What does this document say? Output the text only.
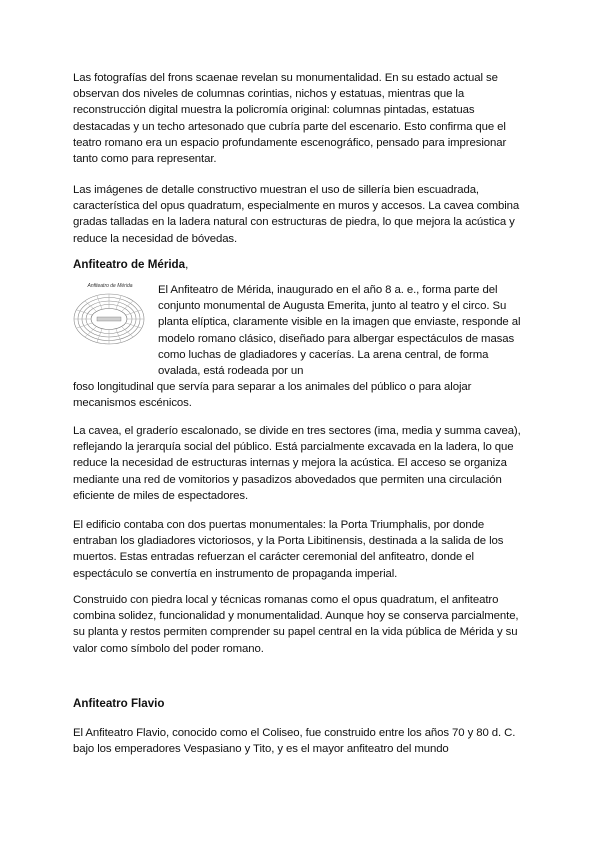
Las fotografías del frons scaenae revelan su monumentalidad. En su estado actual se observan dos niveles de columnas corintias, nichos y estatuas, mientras que la reconstrucción digital muestra la policromía original: columnas pintadas, estatuas destacadas y un techo artesonado que cubría parte del escenario. Esto confirma que el teatro romano era un espacio profundamente escenográfico, pensado para impresionar tanto como para representar.

Las imágenes de detalle constructivo muestran el uso de sillería bien escuadrada, característica del opus quadratum, especialmente en muros y accesos. La cavea combina gradas talladas en la ladera natural con estructuras de piedra, lo que mejora la acústica y reduce la necesidad de bóvedas.

Anfiteatro de Mérida,
Anfiteatro de Mérida	El Anfiteatro de Mérida, inaugurado en el año 8 a. e., forma parte del conjunto monumental de Augusta Emerita, junto al teatro y el circo. Su planta elíptica, claramente visible en la imagen que enviaste, responde al modelo romano clásico, diseñado para albergar espectáculos de masas como luchas de gladiadores y cacerías. La arena central, de forma ovalada, está rodeada por un

foso longitudinal que servía para separar a los animales del público o para alojar mecanismos escénicos.

La cavea, el graderío escalonado, se divide en tres sectores (ima, media y summa cavea), reflejando la jerarquía social del público. Está parcialmente excavada en la ladera, lo que reduce la necesidad de estructuras internas y mejora la acústica. El acceso se organiza mediante una red de vomitorios y pasadizos abovedados que permiten una circulación eficiente de miles de espectadores.

El edificio contaba con dos puertas monumentales: la Porta Triumphalis, por donde entraban los gladiadores victoriosos, y la Porta Libitinensis, destinada a la salida de los muertos. Estas entradas refuerzan el carácter ceremonial del anfiteatro, donde el espectáculo se convertía en instrumento de propaganda imperial.

Construido con piedra local y técnicas romanas como el opus quadratum, el anfiteatro combina solidez, funcionalidad y monumentalidad. Aunque hoy se conserva parcialmente, su planta y restos permiten comprender su papel central en la vida pública de Mérida y su valor como símbolo del poder romano.

Anfiteatro Flavio

El Anfiteatro Flavio, conocido como el Coliseo, fue construido entre los años 70 y 80 d. C. bajo los emperadores Vespasiano y Tito, y es el mayor anfiteatro del mundo
